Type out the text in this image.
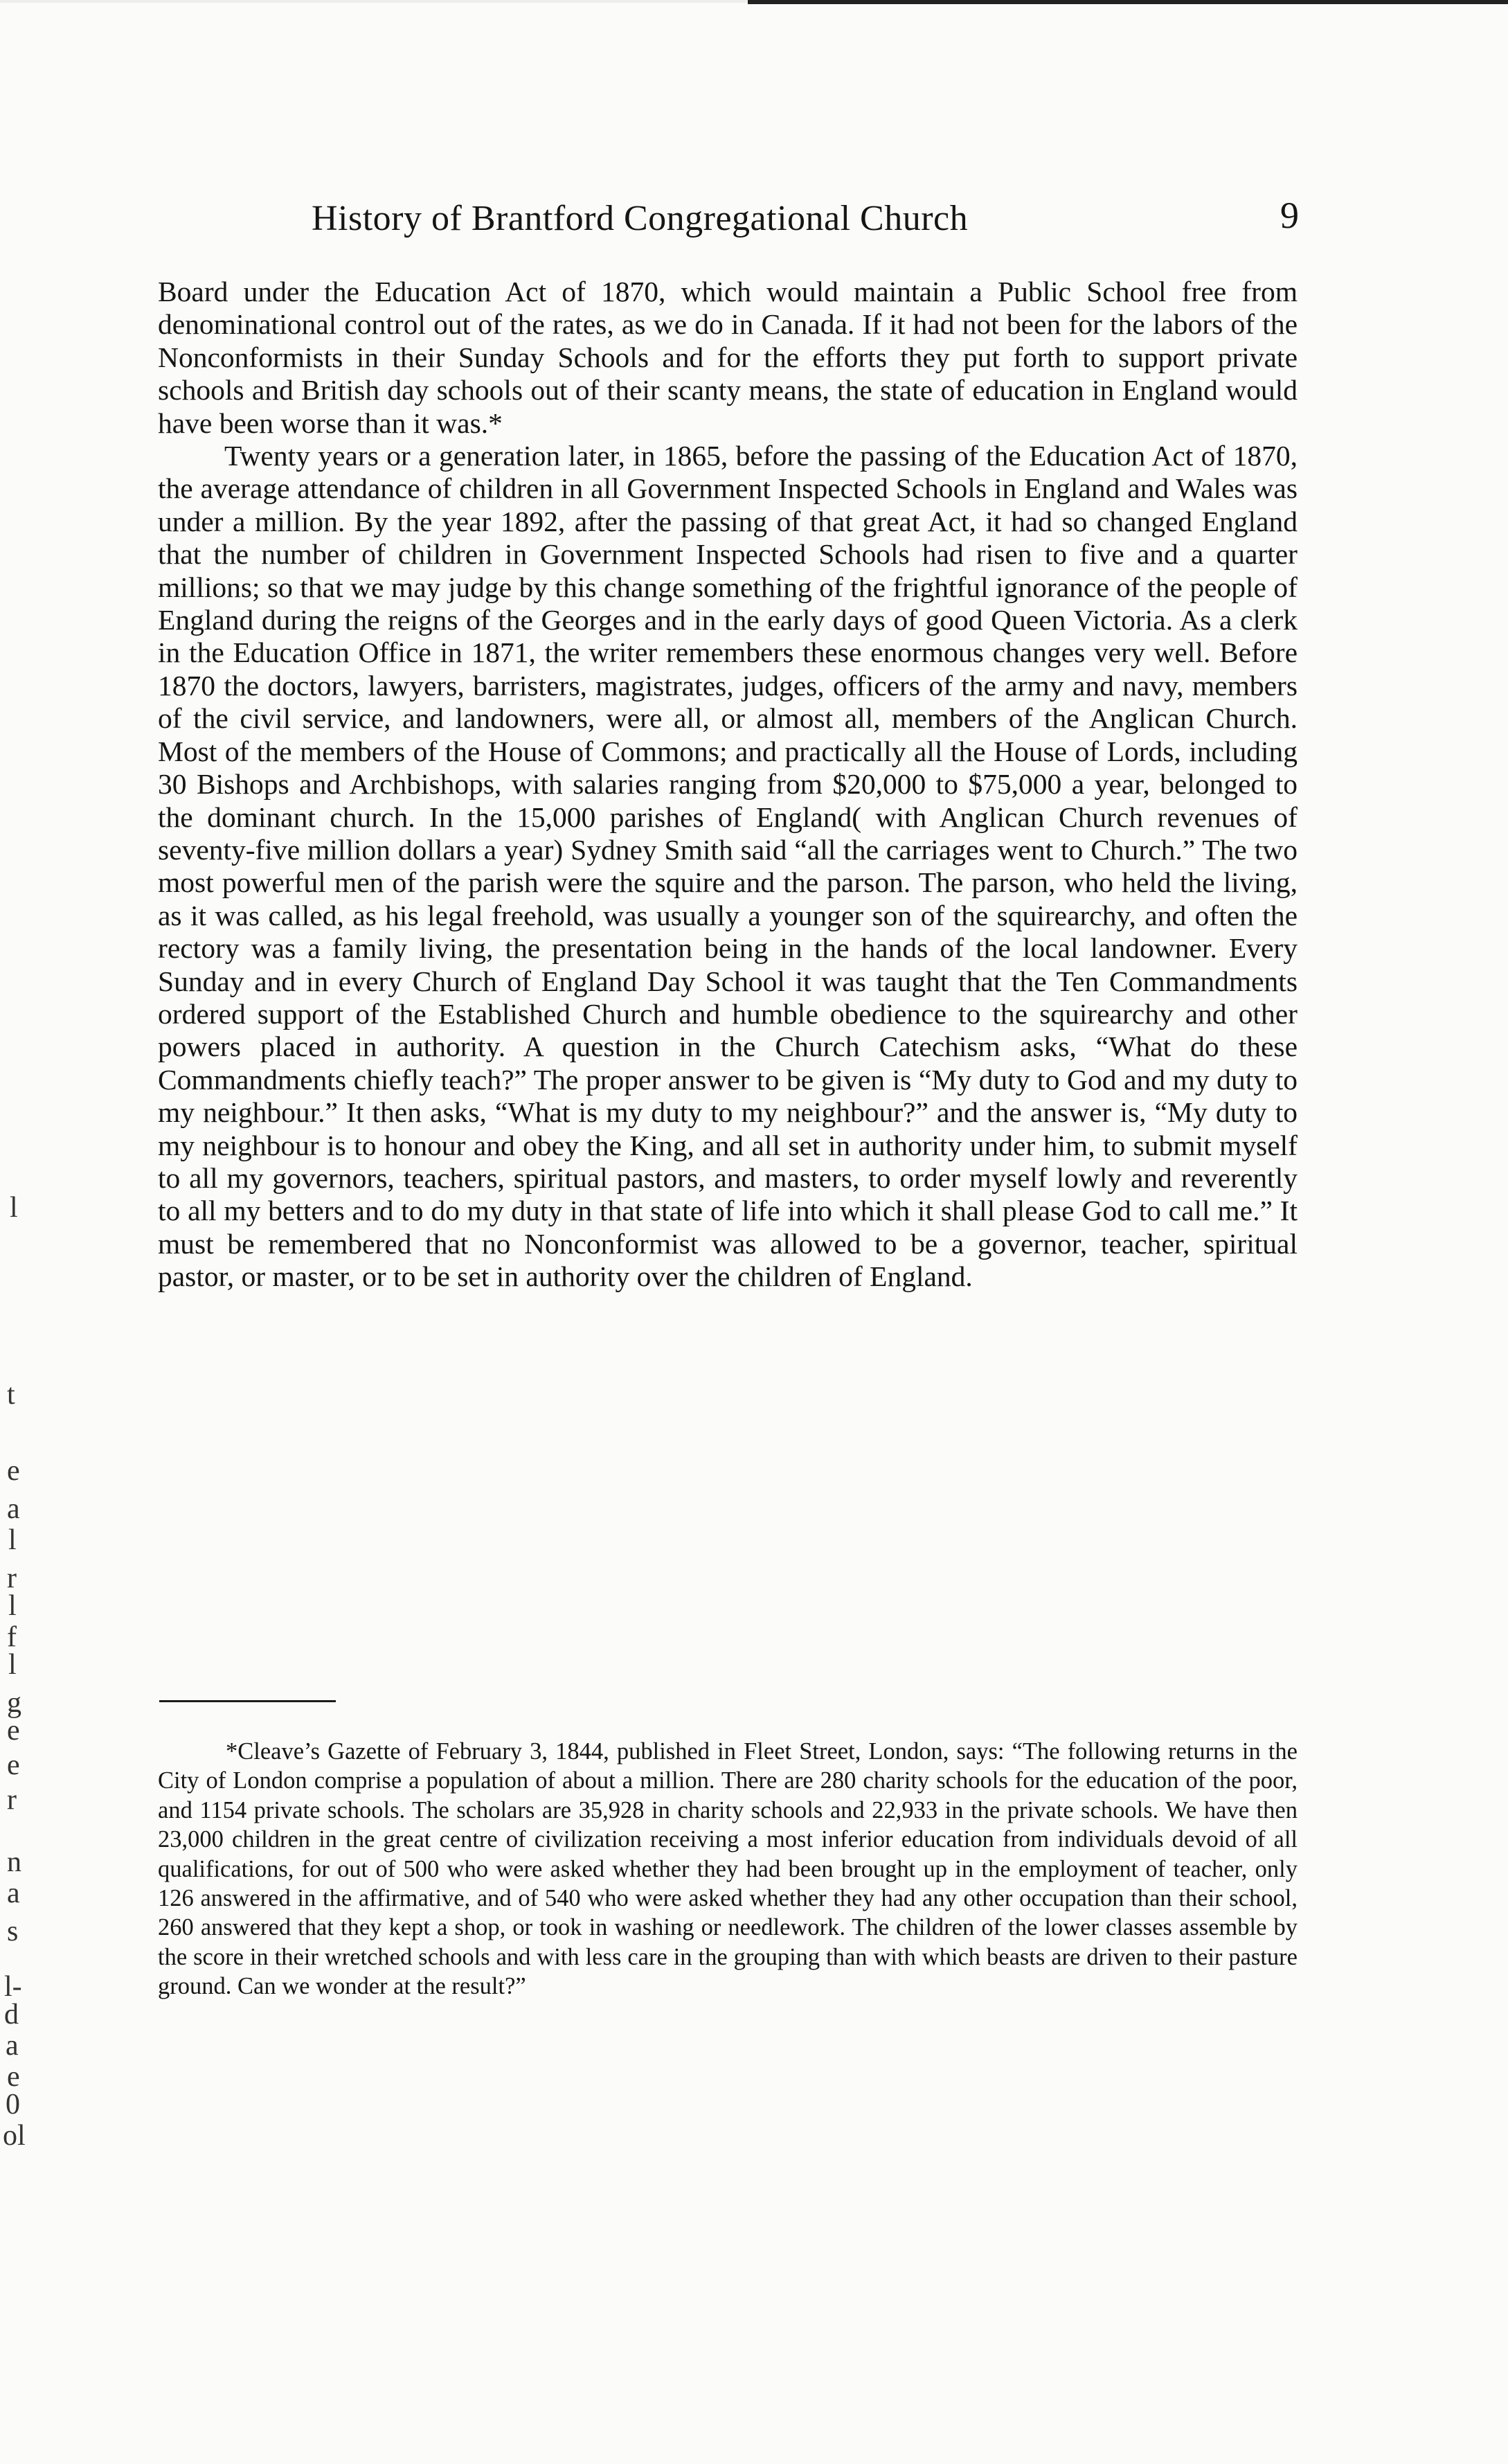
History of Brantford Congregational Church	9

Board under the Education Act of 1870, which would maintain a Public School free from denominational control out of the rates, as we do in Canada. If it had not been for the labors of the Nonconformists in their Sunday Schools and for the efforts they put forth to support private schools and British day schools out of their scanty means, the state of education in England would have been worse than it was.*

Twenty years or a generation later, in 1865, before the passing of the Education Act of 1870, the average attendance of children in all Government Inspected Schools in England and Wales was under a million. By the year 1892, after the passing of that great Act, it had so changed England that the number of children in Government Inspected Schools had risen to five and a quarter millions; so that we may judge by this change something of the frightful ignorance of the people of England during the reigns of the Georges and in the early days of good Queen Victoria. As a clerk in the Education Office in 1871, the writer remembers these enormous changes very well. Before 1870 the doctors, lawyers, barristers, magistrates, judges, officers of the army and navy, members of the civil service, and landowners, were all, or almost all, members of the Anglican Church. Most of the members of the House of Commons; and practically all the House of Lords, including 30 Bishops and Archbishops, with salaries ranging from $20,000 to $75,000 a year, belonged to the dominant church. In the 15,000 parishes of England( with Anglican Church revenues of seventy-five million dollars a year) Sydney Smith said “all the carriages went to Church.” The two most powerful men of the parish were the squire and the parson. The parson, who held the living, as it was called, as his legal freehold, was usually a younger son of the squirearchy, and often the rectory was a family living, the presentation being in the hands of the local landowner. Every Sunday and in every Church of England Day School it was taught that the Ten Commandments ordered support of the Established Church and humble obedience to the squirearchy and other powers placed in authority. A question in the Church Catechism asks, “What do these Commandments chiefly teach?” The proper answer to be given is “My duty to God and my duty to my neighbour.” It then asks, “What is my duty to my neighbour?” and the answer is, “My duty to my neighbour is to honour and obey the King, and all set in authority under him, to submit myself to all my governors, teachers, spiritual pastors, and masters, to order myself lowly and reverently to all my betters and to do my duty in that state of life into which it shall please God to call me.” It must be remembered that no Nonconformist was allowed to be a governor, teacher, spiritual pastor, or master, or to be set in authority over the children of England.

*Cleave’s Gazette of February 3, 1844, published in Fleet Street, London, says: “The following returns in the City of London comprise a population of about a million. There are 280 charity schools for the education of the poor, and 1154 private schools. The scholars are 35,928 in charity schools and 22,933 in the private schools. We have then 23,000 children in the great centre of civilization receiving a most inferior education from individuals devoid of all qualifications, for out of 500 who were asked whether they had been brought up in the employment of teacher, only 126 answered in the affirmative, and of 540 who were asked whether they had any other occupation than their school, 260 answered that they kept a shop, or took in washing or needlework. The children of the lower classes assemble by the score in their wretched schools and with less care in the grouping than with which beasts are driven to their pasture ground. Can we wonder at the result?”

l
t
e
a
l
r
l
f
l
g
e
e
r
n
a
s
l-
d
a
e
0
ol
